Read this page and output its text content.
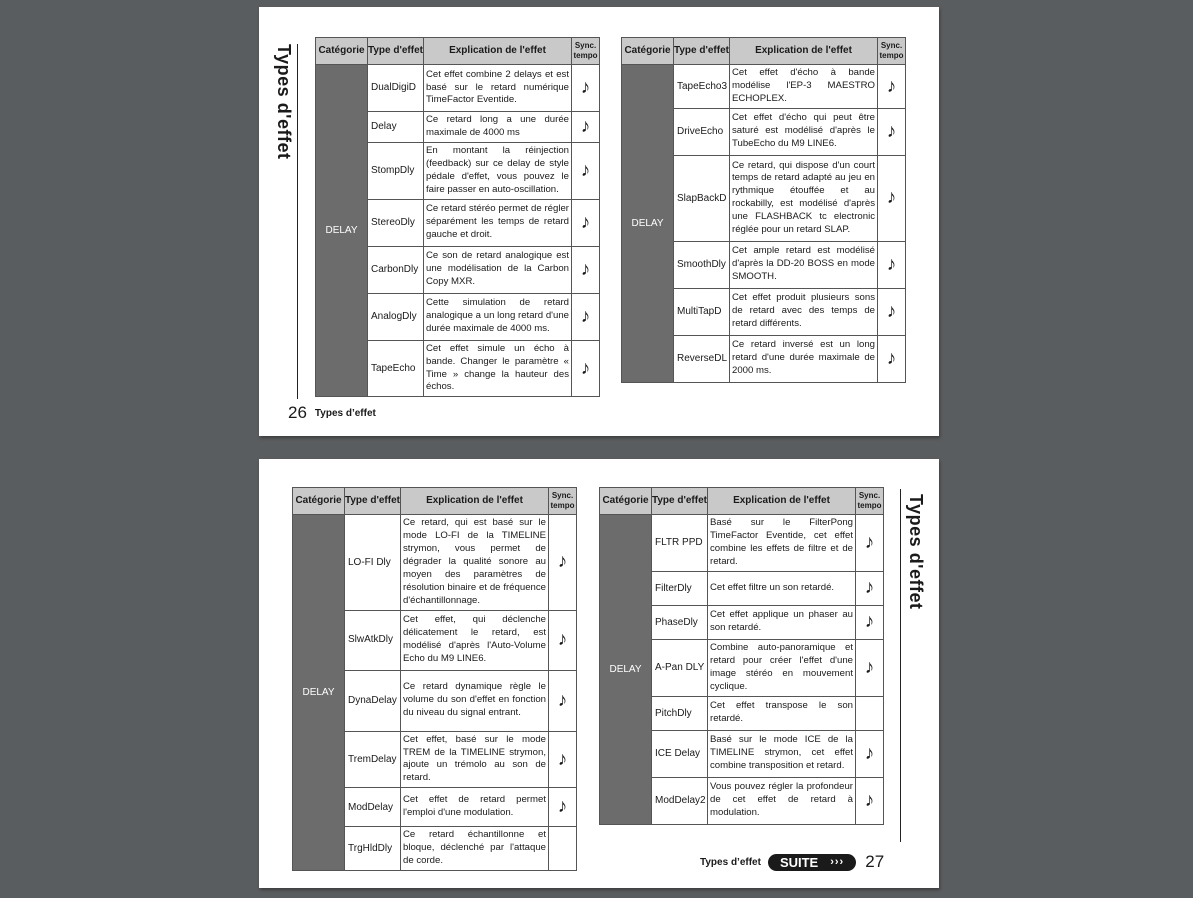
Types d'effet Catégorie	Type d'effet	Explication de l'effet	Sync.
tempo
DELAY	DualDigiD	Cet effet combine 2 delays et est basé sur le retard numérique TimeFactor Eventide.	♪
	Delay	Ce retard long a une durée maximale de 4000 ms	♪
	StompDly	En montant la réinjection (feedback) sur ce delay de style pédale d'effet, vous pouvez le faire passer en auto-oscillation.	♪
	StereoDly	Ce retard stéréo permet de régler séparément les temps de retard gauche et droit.	♪
	CarbonDly	Ce son de retard analogique est une modélisation de la Carbon Copy MXR.	♪
	AnalogDly	Cette simulation de retard analogique a un long retard d'une durée maximale de 4000 ms.	♪
	TapeEcho	Cet effet simule un écho à bande. Changer le paramètre « Time » change la hauteur des échos.	♪
Catégorie	Type d'effet	Explication de l'effet	Sync.
tempo
DELAY	TapeEcho3	Cet effet d'écho à bande modélise l'EP-3 MAESTRO ECHOPLEX.	♪
	DriveEcho	Cet effet d'écho qui peut être saturé est modélisé d'après le TubeEcho du M9 LINE6.	♪
	SlapBackD	Ce retard, qui dispose d'un court temps de retard adapté au jeu en rythmique étouffée et au rockabilly, est modélisé d'après une FLASHBACK tc electronic réglée pour un retard SLAP.	♪
	SmoothDly	Cet ample retard est modélisé d'après la DD-20 BOSS en mode SMOOTH.	♪
	MultiTapD	Cet effet produit plusieurs sons de retard avec des temps de retard différents.	♪
	ReverseDL	Ce retard inversé est un long retard d'une durée maximale de 2000 ms.	♪
26 Types d’effet
Catégorie	Type d'effet	Explication de l'effet	Sync.
tempo
DELAY	LO-FI Dly	Ce retard, qui est basé sur le mode LO-FI de la TIMELINE strymon, vous permet de dégrader la qualité sonore au moyen des paramètres de résolution binaire et de fréquence d'échantillonnage.	♪
	SlwAtkDly	Cet effet, qui déclenche délicatement le retard, est modélisé d'après l'Auto-Volume Echo du M9 LINE6.	♪
	DynaDelay	Ce retard dynamique règle le volume du son d'effet en fonction du niveau du signal entrant.	♪
	TremDelay	Cet effet, basé sur le mode TREM de la TIMELINE strymon, ajoute un trémolo au son de retard.	♪
	ModDelay	Cet effet de retard permet l'emploi d'une modulation.	♪
	TrgHldDly	Ce retard échantillonne et bloque, déclenché par l'attaque de corde.	
Catégorie	Type d'effet	Explication de l'effet	Sync.
tempo
DELAY	FLTR PPD	Basé sur le FilterPong TimeFactor Eventide, cet effet combine les effets de filtre et de retard.	♪
	FilterDly	Cet effet filtre un son retardé.	♪
	PhaseDly	Cet effet applique un phaser au son retardé.	♪
	A-Pan DLY	Combine auto-panoramique et retard pour créer l'effet d'une image stéréo en mouvement cyclique.	♪
	PitchDly	Cet effet transpose le son retardé.	
	ICE Delay	Basé sur le mode ICE de la TIMELINE strymon, cet effet combine transposition et retard.	♪
	ModDelay2	Vous pouvez régler la profondeur de cet effet de retard à modulation.	♪
Types d'effet
Types d’effet SUITE ››› 27
